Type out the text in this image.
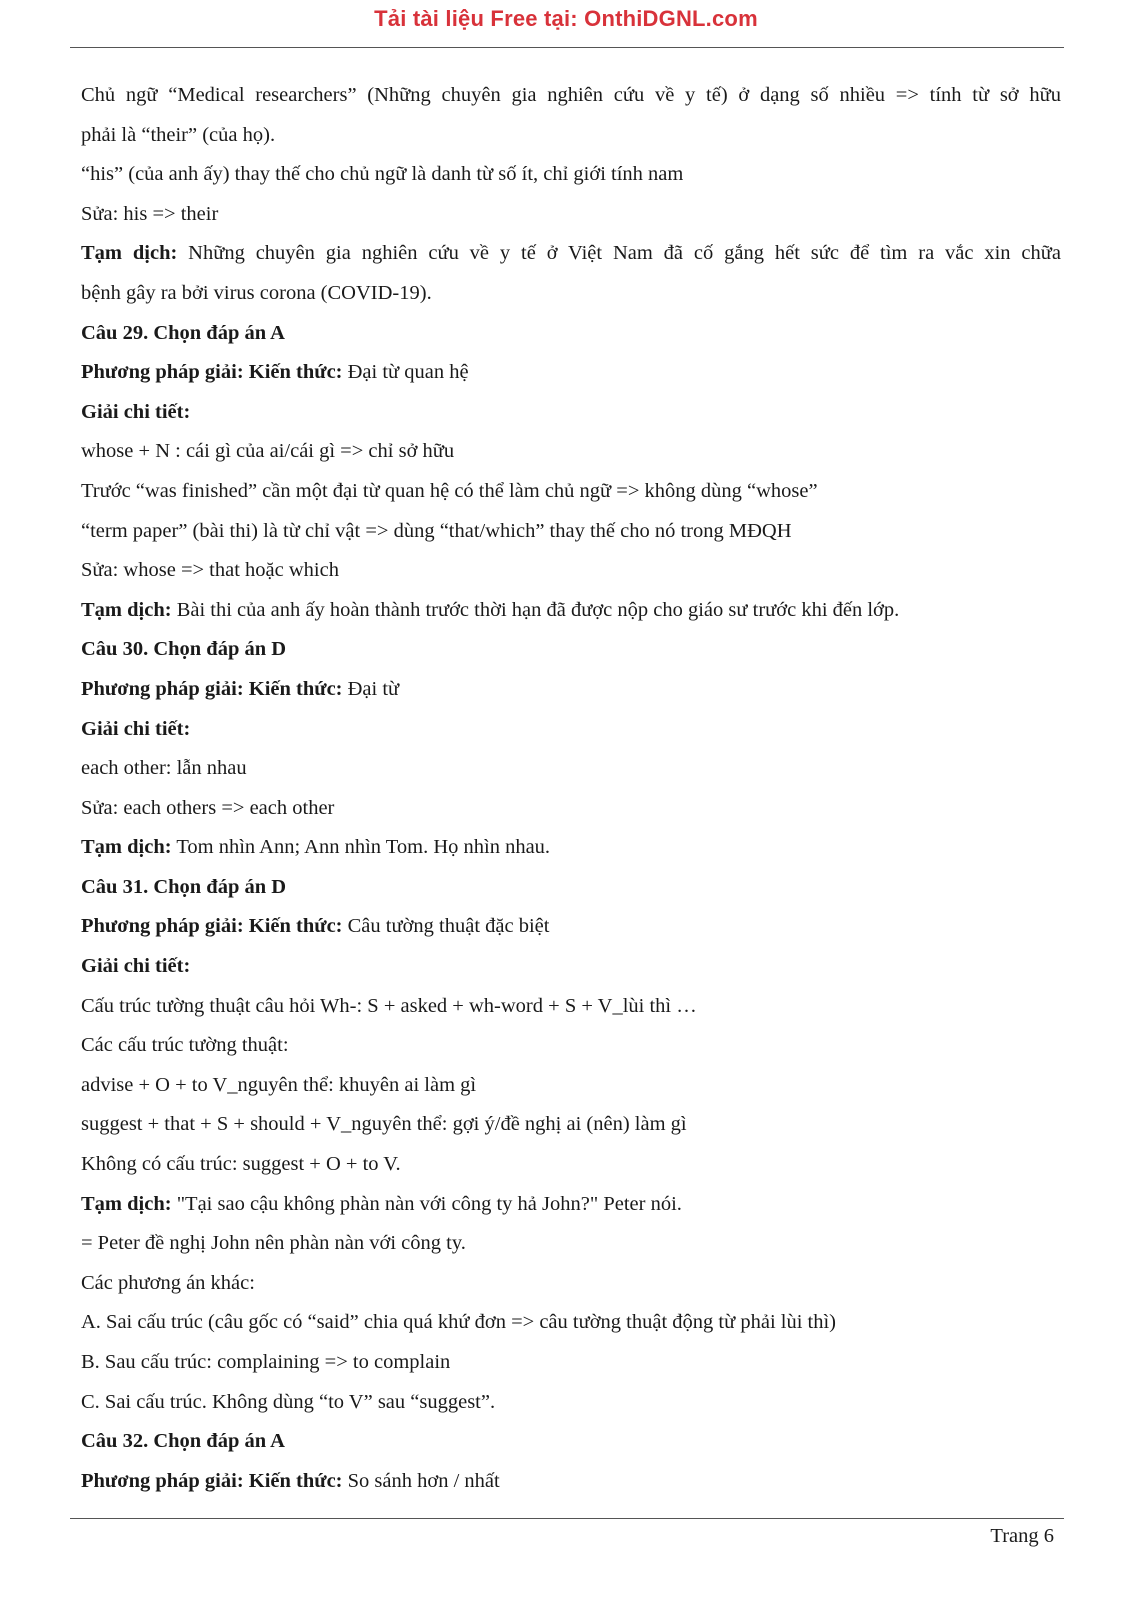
Tải tài liệu Free tại: OnthiDGNL.com
Chủ ngữ “Medical researchers” (Những chuyên gia nghiên cứu về y tế) ở dạng số nhiều => tính từ sở hữu
phải là “their” (của họ).
“his” (của anh ấy) thay thế cho chủ ngữ là danh từ số ít, chỉ giới tính nam
Sửa: his => their
Tạm dịch: Những chuyên gia nghiên cứu về y tế ở Việt Nam đã cố gắng hết sức để tìm ra vắc xin chữa
bệnh gây ra bởi virus corona (COVID-19).
Câu 29. Chọn đáp án A
Phương pháp giải: Kiến thức: Đại từ quan hệ
Giải chi tiết:
whose + N : cái gì của ai/cái gì => chỉ sở hữu
Trước “was finished” cần một đại từ quan hệ có thể làm chủ ngữ => không dùng “whose”
“term paper” (bài thi) là từ chỉ vật => dùng “that/which” thay thế cho nó trong MĐQH
Sửa: whose => that hoặc which
Tạm dịch: Bài thi của anh ấy hoàn thành trước thời hạn đã được nộp cho giáo sư trước khi đến lớp.
Câu 30. Chọn đáp án D
Phương pháp giải: Kiến thức: Đại từ
Giải chi tiết:
each other: lẫn nhau
Sửa: each others => each other
Tạm dịch: Tom nhìn Ann; Ann nhìn Tom. Họ nhìn nhau.
Câu 31. Chọn đáp án D
Phương pháp giải: Kiến thức: Câu tường thuật đặc biệt
Giải chi tiết:
Cấu trúc tường thuật câu hỏi Wh-: S + asked + wh-word + S + V_lùi thì …
Các cấu trúc tường thuật:
advise + O + to V_nguyên thể: khuyên ai làm gì
suggest + that + S + should + V_nguyên thể: gợi ý/đề nghị ai (nên) làm gì
Không có cấu trúc: suggest + O + to V.
Tạm dịch: "Tại sao cậu không phàn nàn với công ty hả John?" Peter nói.
= Peter đề nghị John nên phàn nàn với công ty.
Các phương án khác:
A. Sai cấu trúc (câu gốc có “said” chia quá khứ đơn => câu tường thuật động từ phải lùi thì)
B. Sau cấu trúc: complaining => to complain
C. Sai cấu trúc. Không dùng “to V” sau “suggest”.
Câu 32. Chọn đáp án A
Phương pháp giải: Kiến thức: So sánh hơn / nhất
Trang 6
